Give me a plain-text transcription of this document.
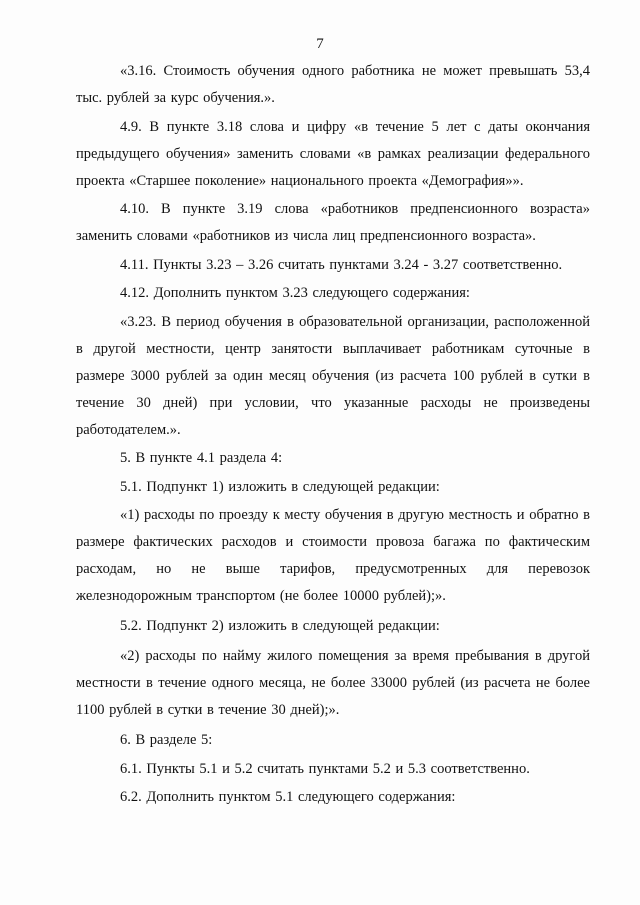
7

«3.16. Стоимость обучения одного работника не может превышать 53,4 тыс. рублей за курс обучения.».

4.9. В пункте 3.18 слова и цифру «в течение 5 лет с даты окончания предыдущего обучения» заменить словами «в рамках реализации федерального проекта «Старшее поколение» национального проекта «Демография»».

4.10. В пункте 3.19 слова «работников предпенсионного возраста» заменить словами «работников из числа лиц предпенсионного возраста».

4.11. Пункты 3.23 – 3.26 считать пунктами 3.24 - 3.27 соответственно.

4.12. Дополнить пунктом 3.23 следующего содержания:

«3.23. В период обучения в образовательной организации, расположенной в другой местности, центр занятости выплачивает работникам суточные в размере 3000 рублей за один месяц обучения (из расчета 100 рублей в сутки в течение 30 дней) при условии, что указанные расходы не произведены работодателем.».

5. В пункте 4.1 раздела 4:

5.1. Подпункт 1) изложить в следующей редакции:

«1) расходы по проезду к месту обучения в другую местность и обратно в размере фактических расходов и стоимости провоза багажа по фактическим расходам, но не выше тарифов, предусмотренных для перевозок железнодорожным транспортом (не более 10000 рублей);».

5.2. Подпункт 2) изложить в следующей редакции:

«2) расходы по найму жилого помещения за время пребывания в другой местности в течение одного месяца, не более 33000 рублей (из расчета не более 1100 рублей в сутки в течение 30 дней);».

6. В разделе 5:

6.1. Пункты 5.1 и 5.2 считать пунктами 5.2 и 5.3 соответственно.

6.2. Дополнить пунктом 5.1 следующего содержания:
